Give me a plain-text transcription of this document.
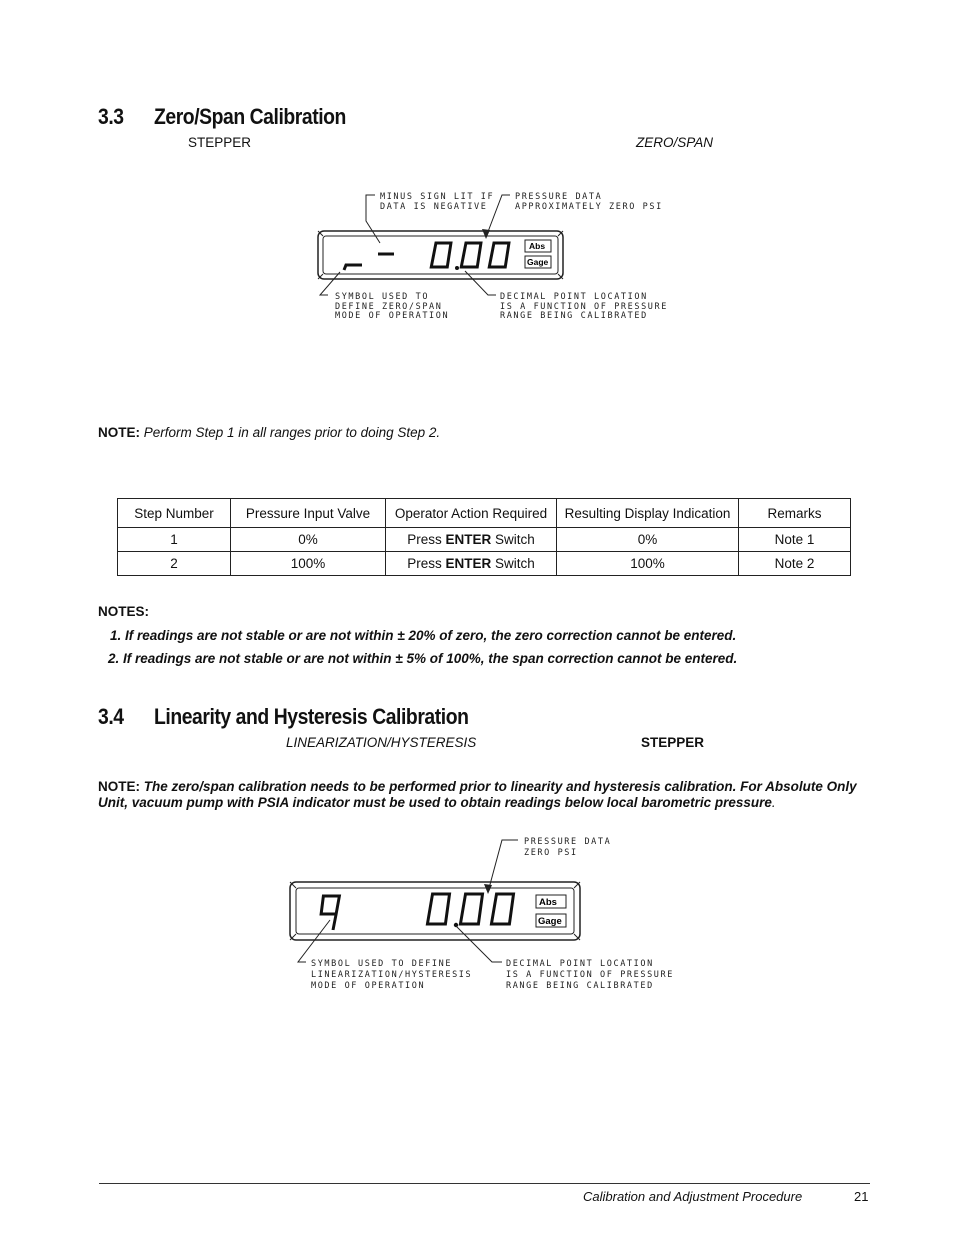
3.3 Zero/Span Calibration
STEPPER	ZERO/SPAN
MINUS SIGN LIT IF
DATA IS NEGATIVE
PRESSURE DATA
APPROXIMATELY ZERO PSI
SYMBOL USED TO
DEFINE ZERO/SPAN
MODE OF OPERATION
DECIMAL POINT LOCATION
IS A FUNCTION OF PRESSURE
RANGE BEING CALIBRATED
Abs
Gage
NOTE: Perform Step 1 in all ranges prior to doing Step 2.
Step Number	Pressure Input Valve	Operator Action Required	Resulting Display Indication	Remarks
1	0%	Press ENTER Switch	0%	Note 1
2	100%	Press ENTER Switch	100%	Note 2
NOTES:
1. If readings are not stable or are not within ± 20% of zero, the zero correction cannot be entered.
2. If readings are not stable or are not within ± 5% of 100%, the span correction cannot be entered.
3.4 Linearity and Hysteresis Calibration
LINEARIZATION/HYSTERESIS	STEPPER
NOTE: The zero/span calibration needs to be performed prior to linearity and hysteresis calibration. For Absolute Only
Unit, vacuum pump with PSIA indicator must be used to obtain readings below local barometric pressure.
PRESSURE DATA
ZERO PSI
Abs
Gage
SYMBOL USED TO DEFINE
LINEARIZATION/HYSTERESIS
MODE OF OPERATION
DECIMAL POINT LOCATION
IS A FUNCTION OF PRESSURE
RANGE BEING CALIBRATED
Calibration and Adjustment Procedure	21
